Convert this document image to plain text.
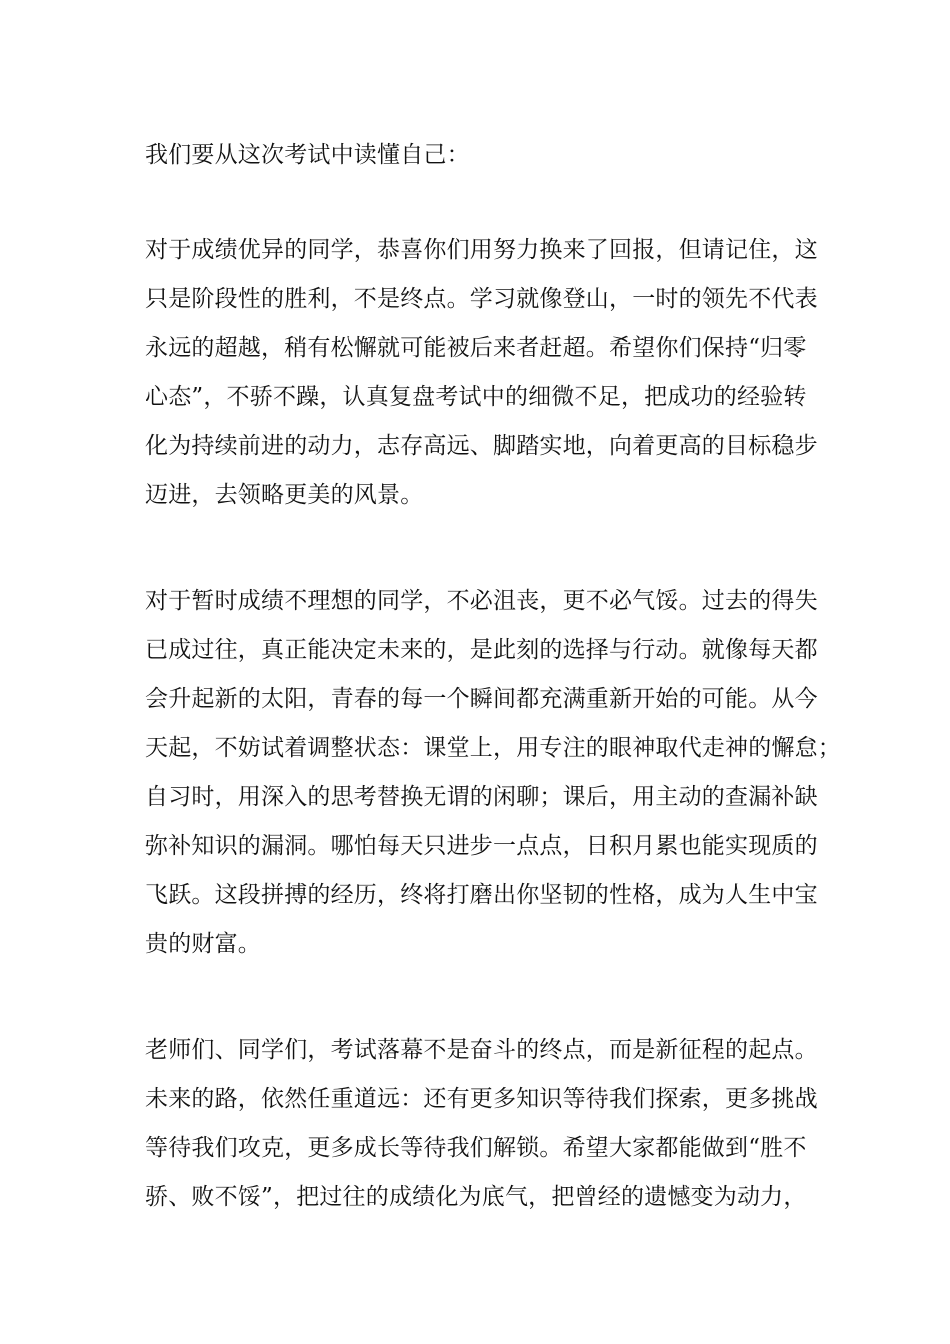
我们要从这次考试中读懂自己：
对于成绩优异的同学，恭喜你们用努力换来了回报，但请记住，这
只是阶段性的胜利，不是终点。学习就像登山，一时的领先不代表
永远的超越，稍有松懈就可能被后来者赶超。希望你们保持“归零
心态”，不骄不躁，认真复盘考试中的细微不足，把成功的经验转
化为持续前进的动力，志存高远、脚踏实地，向着更高的目标稳步
迈进，去领略更美的风景。
对于暂时成绩不理想的同学，不必沮丧，更不必气馁。过去的得失
已成过往，真正能决定未来的，是此刻的选择与行动。就像每天都
会升起新的太阳，青春的每一个瞬间都充满重新开始的可能。从今
天起，不妨试着调整状态：课堂上，用专注的眼神取代走神的懈怠；
自习时，用深入的思考替换无谓的闲聊；课后，用主动的查漏补缺
弥补知识的漏洞。哪怕每天只进步一点点，日积月累也能实现质的
飞跃。这段拼搏的经历，终将打磨出你坚韧的性格，成为人生中宝
贵的财富。
老师们、同学们，考试落幕不是奋斗的终点，而是新征程的起点。
未来的路，依然任重道远：还有更多知识等待我们探索，更多挑战
等待我们攻克，更多成长等待我们解锁。希望大家都能做到“胜不
骄、败不馁”，把过往的成绩化为底气，把曾经的遗憾变为动力，
